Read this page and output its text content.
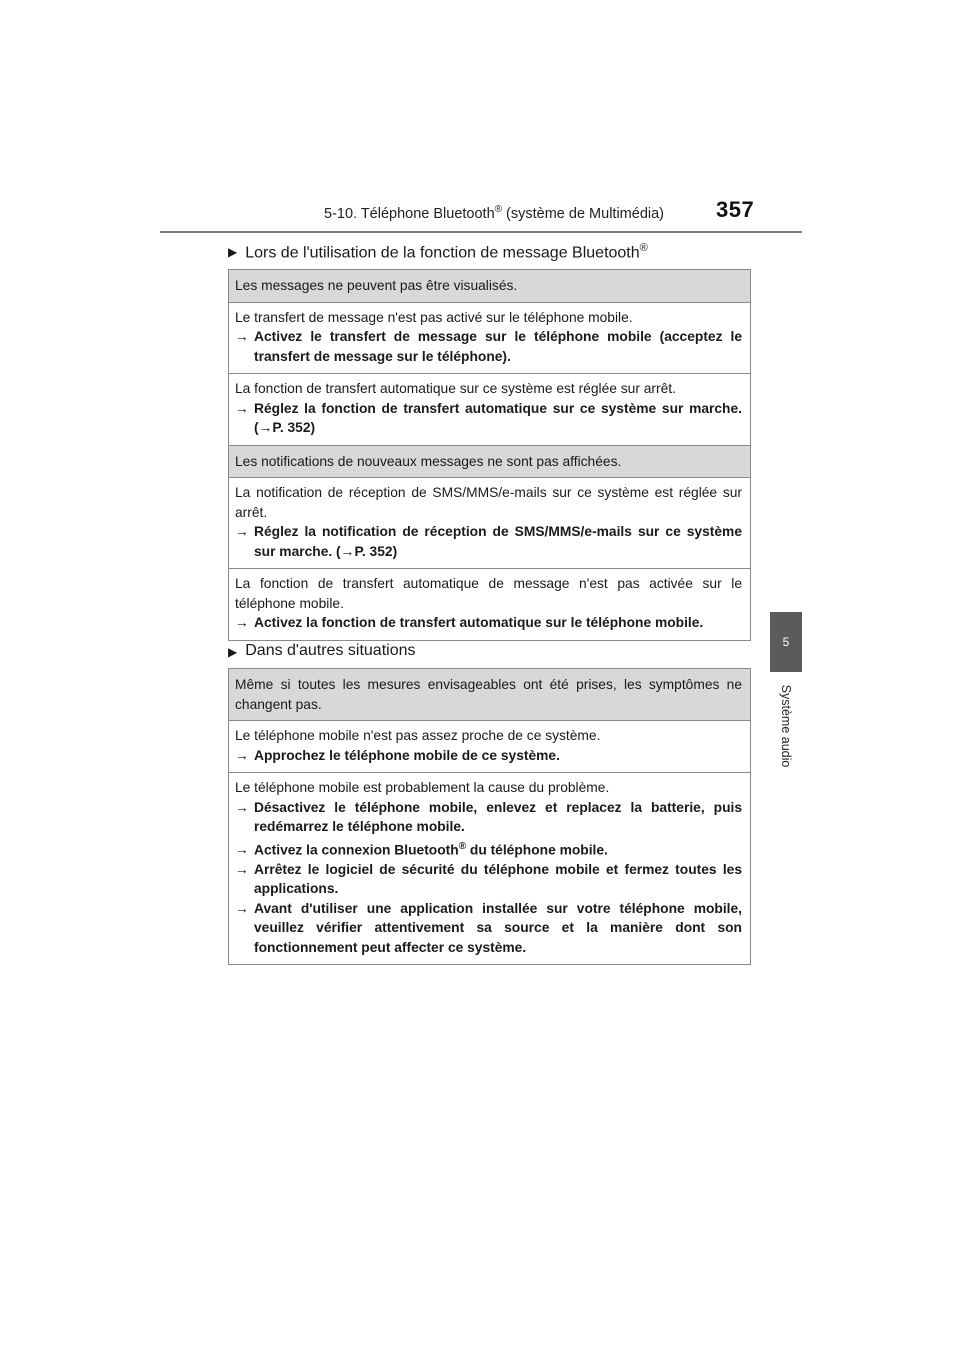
5-10. Téléphone Bluetooth® (système de Multimédia) 357
5
Système audio
▶ Lors de l'utilisation de la fonction de message Bluetooth®
Les messages ne peuvent pas être visualisés.

Le transfert de message n'est pas activé sur le téléphone mobile.
→ Activez le transfert de message sur le téléphone mobile (acceptez le transfert de message sur le téléphone).

La fonction de transfert automatique sur ce système est réglée sur arrêt.
→ Réglez la fonction de transfert automatique sur ce système sur marche. (→P. 352)

Les notifications de nouveaux messages ne sont pas affichées.

La notification de réception de SMS/MMS/e-mails sur ce système est réglée sur arrêt.
→ Réglez la notification de réception de SMS/MMS/e-mails sur ce système sur marche. (→P. 352)

La fonction de transfert automatique de message n'est pas activée sur le téléphone mobile.
→ Activez la fonction de transfert automatique sur le téléphone mobile.
▶ Dans d'autres situations
Même si toutes les mesures envisageables ont été prises, les symptômes ne changent pas.

Le téléphone mobile n'est pas assez proche de ce système.
→ Approchez le téléphone mobile de ce système.

Le téléphone mobile est probablement la cause du problème.
→ Désactivez le téléphone mobile, enlevez et replacez la batterie, puis redémarrez le téléphone mobile.
→ Activez la connexion Bluetooth® du téléphone mobile.
→ Arrêtez le logiciel de sécurité du téléphone mobile et fermez toutes les applications.
→ Avant d'utiliser une application installée sur votre téléphone mobile, veuillez vérifier attentivement sa source et la manière dont son fonctionnement peut affecter ce système.
